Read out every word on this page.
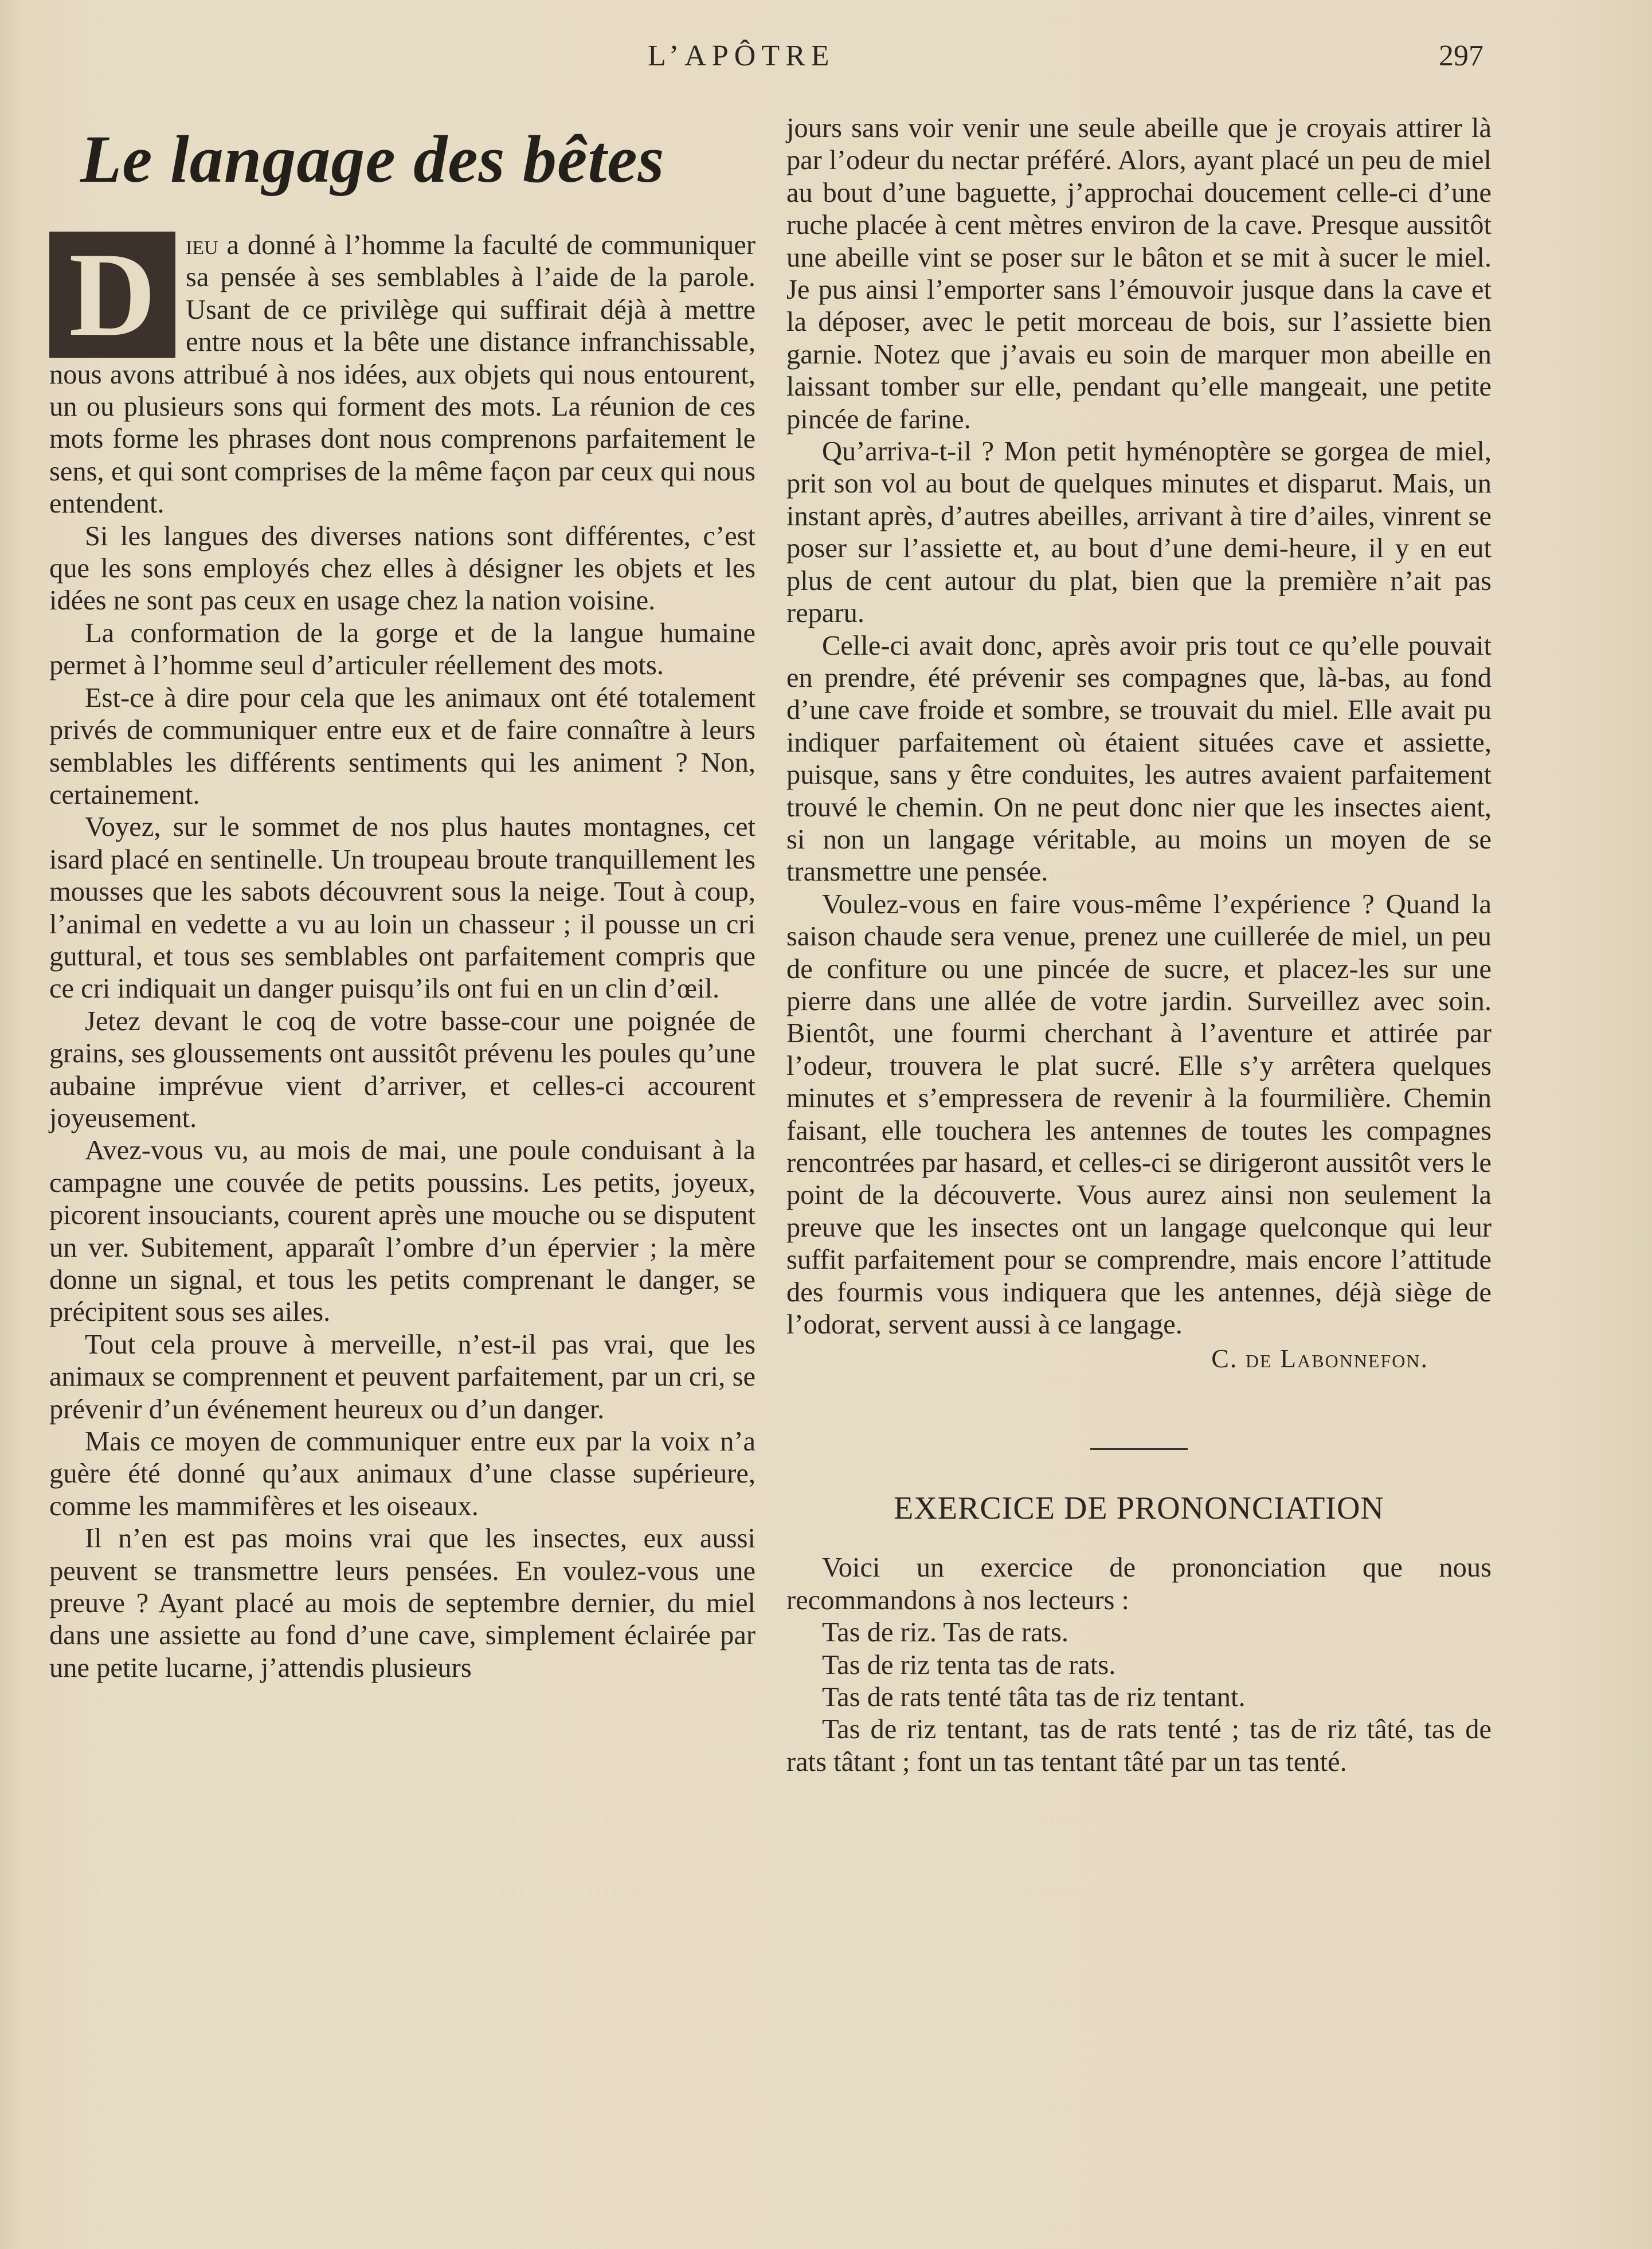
L’APÔTRE	297
Le langage des bêtes

D	ieu a donné à l’homme la faculté de communiquer sa pensée à ses semblables à l’aide de la parole. Usant de ce privilège qui suffirait déjà à mettre entre nous et la bête une distance infranchissable, nous avons attribué à nos idées, aux objets qui nous entourent, un ou plusieurs sons qui forment des mots. La réunion de ces mots forme les phrases dont nous comprenons parfaitement le sens, et qui sont comprises de la même façon par ceux qui nous entendent.

Si les langues des diverses nations sont différentes, c’est que les sons employés chez elles à désigner les objets et les idées ne sont pas ceux en usage chez la nation voisine.

La conformation de la gorge et de la langue humaine permet à l’homme seul d’articuler réellement des mots.

Est-ce à dire pour cela que les animaux ont été totalement privés de communiquer entre eux et de faire connaître à leurs semblables les différents sentiments qui les animent ? Non, certainement.

Voyez, sur le sommet de nos plus hautes montagnes, cet isard placé en sentinelle. Un troupeau broute tranquillement les mousses que les sabots découvrent sous la neige. Tout à coup, l’animal en vedette a vu au loin un chasseur ; il pousse un cri guttural, et tous ses semblables ont parfaitement compris que ce cri indiquait un danger puisqu’ils ont fui en un clin d’œil.

Jetez devant le coq de votre basse-cour une poignée de grains, ses gloussements ont aussitôt prévenu les poules qu’une aubaine imprévue vient d’arriver, et celles-ci accourent joyeusement.

Avez-vous vu, au mois de mai, une poule conduisant à la campagne une couvée de petits poussins. Les petits, joyeux, picorent insouciants, courent après une mouche ou se disputent un ver. Subitement, apparaît l’ombre d’un épervier ; la mère donne un signal, et tous les petits comprenant le danger, se précipitent sous ses ailes.

Tout cela prouve à merveille, n’est-il pas vrai, que les animaux se comprennent et peuvent parfaitement, par un cri, se prévenir d’un événement heureux ou d’un danger.

Mais ce moyen de communiquer entre eux par la voix n’a guère été donné qu’aux animaux d’une classe supérieure, comme les mammifères et les oiseaux.

Il n’en est pas moins vrai que les insectes, eux aussi peuvent se transmettre leurs pensées. En voulez-vous une preuve ? Ayant placé au mois de septembre dernier, du miel dans une assiette au fond d’une cave, simplement éclairée par une petite lucarne, j’attendis plusieurs

jours sans voir venir une seule abeille que je croyais attirer là par l’odeur du nectar préféré. Alors, ayant placé un peu de miel au bout d’une baguette, j’approchai doucement celle-ci d’une ruche placée à cent mètres environ de la cave. Presque aussitôt une abeille vint se poser sur le bâton et se mit à sucer le miel. Je pus ainsi l’emporter sans l’émouvoir jusque dans la cave et la déposer, avec le petit morceau de bois, sur l’assiette bien garnie. Notez que j’avais eu soin de marquer mon abeille en laissant tomber sur elle, pendant qu’elle mangeait, une petite pincée de farine.

Qu’arriva-t-il ? Mon petit hyménoptère se gorgea de miel, prit son vol au bout de quelques minutes et disparut. Mais, un instant après, d’autres abeilles, arrivant à tire d’ailes, vinrent se poser sur l’assiette et, au bout d’une demi-heure, il y en eut plus de cent autour du plat, bien que la première n’ait pas reparu.

Celle-ci avait donc, après avoir pris tout ce qu’elle pouvait en prendre, été prévenir ses compagnes que, là-bas, au fond d’une cave froide et sombre, se trouvait du miel. Elle avait pu indiquer parfaitement où étaient situées cave et assiette, puisque, sans y être conduites, les autres avaient parfaitement trouvé le chemin. On ne peut donc nier que les insectes aient, si non un langage véritable, au moins un moyen de se transmettre une pensée.

Voulez-vous en faire vous-même l’expérience ? Quand la saison chaude sera venue, prenez une cuillerée de miel, un peu de confiture ou une pincée de sucre, et placez-les sur une pierre dans une allée de votre jardin. Surveillez avec soin. Bientôt, une fourmi cherchant à l’aventure et attirée par l’odeur, trouvera le plat sucré. Elle s’y arrêtera quelques minutes et s’empressera de revenir à la fourmilière. Chemin faisant, elle touchera les antennes de toutes les compagnes rencontrées par hasard, et celles-ci se dirigeront aussitôt vers le point de la découverte. Vous aurez ainsi non seulement la preuve que les insectes ont un langage quelconque qui leur suffit parfaitement pour se comprendre, mais encore l’attitude des fourmis vous indiquera que les antennes, déjà siège de l’odorat, servent aussi à ce langage.

C. de Labonnefon.
EXERCICE DE PRONONCIATION

Voici un exercice de prononciation que nous recommandons à nos lecteurs :

Tas de riz. Tas de rats.

Tas de riz tenta tas de rats.

Tas de rats tenté tâta tas de riz tentant.

Tas de riz tentant, tas de rats tenté ; tas de riz tâté, tas de rats tâtant ; font un tas tentant tâté par un tas tenté.
